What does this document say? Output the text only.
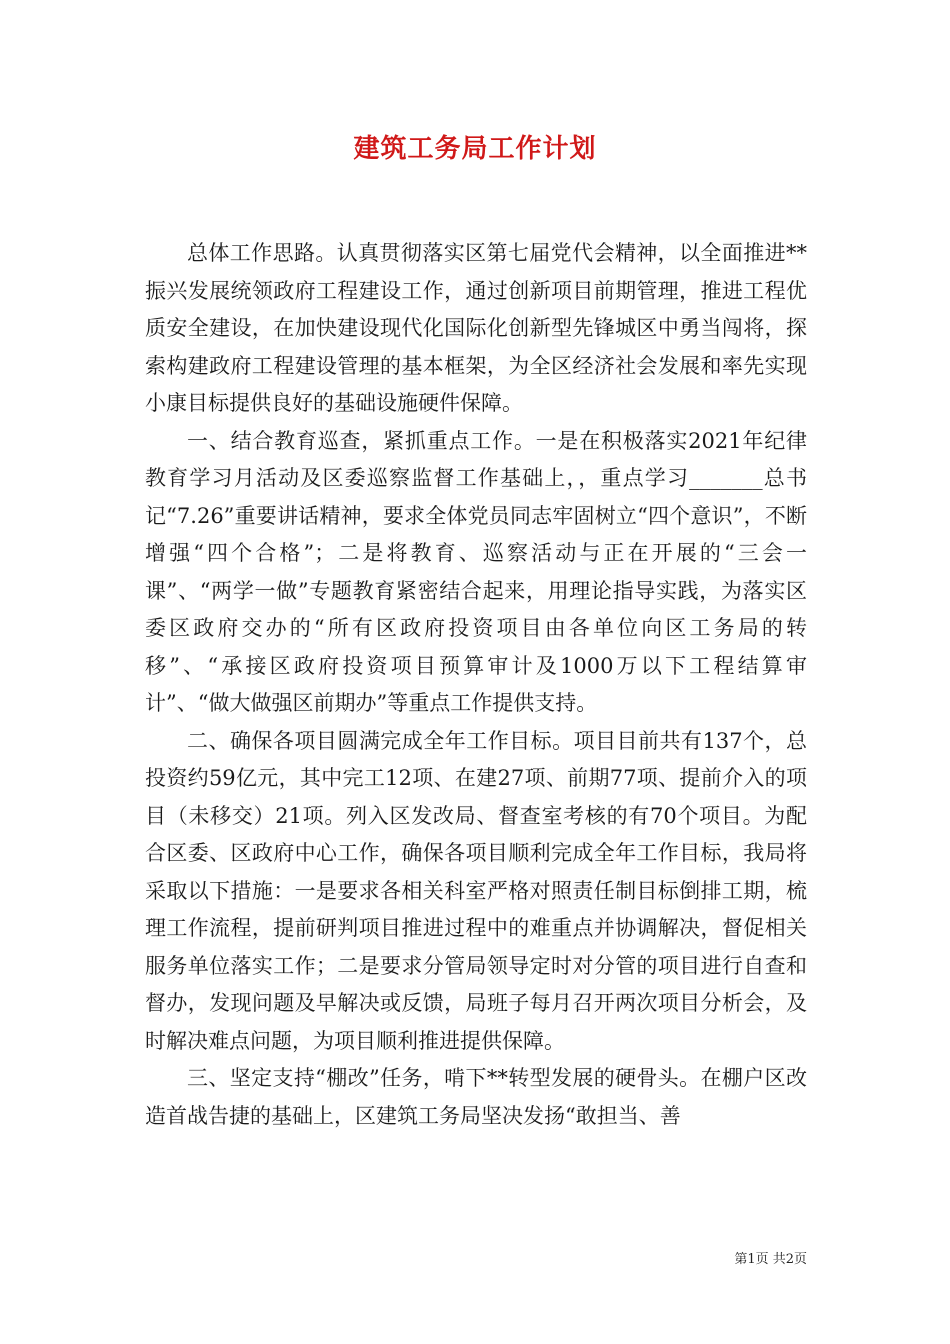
建筑工务局工作计划

总体工作思路。认真贯彻落实区第七届党代会精神，以全面推进**振兴发展统领政府工程建设工作，通过创新项目前期管理，推进工程优质安全建设，在加快建设现代化国际化创新型先锋城区中勇当闯将，探索构建政府工程建设管理的基本框架，为全区经济社会发展和率先实现小康目标提供良好的基础设施硬件保障。

一、结合教育巡查，紧抓重点工作。一是在积极落实2021年纪律教育学习月活动及区委巡察监督工作基础上，，重点学习_______总书记“7.26”重要讲话精神，要求全体党员同志牢固树立“四个意识”，不断增强“四个合格”；二是将教育、巡察活动与正在开展的“三会一课”、“两学一做”专题教育紧密结合起来，用理论指导实践，为落实区委区政府交办的“所有区政府投资项目由各单位向区工务局的转移”、“承接区政府投资项目预算审计及1000万以下工程结算审计”、“做大做强区前期办”等重点工作提供支持。

二、确保各项目圆满完成全年工作目标。项目目前共有137个，总投资约59亿元，其中完工12项、在建27项、前期77项、提前介入的项目（未移交）21项。列入区发改局、督查室考核的有70个项目。为配合区委、区政府中心工作，确保各项目顺利完成全年工作目标，我局将采取以下措施：一是要求各相关科室严格对照责任制目标倒排工期，梳理工作流程，提前研判项目推进过程中的难重点并协调解决，督促相关服务单位落实工作；二是要求分管局领导定时对分管的项目进行自查和督办，发现问题及早解决或反馈，局班子每月召开两次项目分析会，及时解决难点问题，为项目顺利推进提供保障。

三、坚定支持“棚改”任务，啃下**转型发展的硬骨头。在棚户区改造首战告捷的基础上，区建筑工务局坚决发扬“敢担当、善

第1页 共2页
